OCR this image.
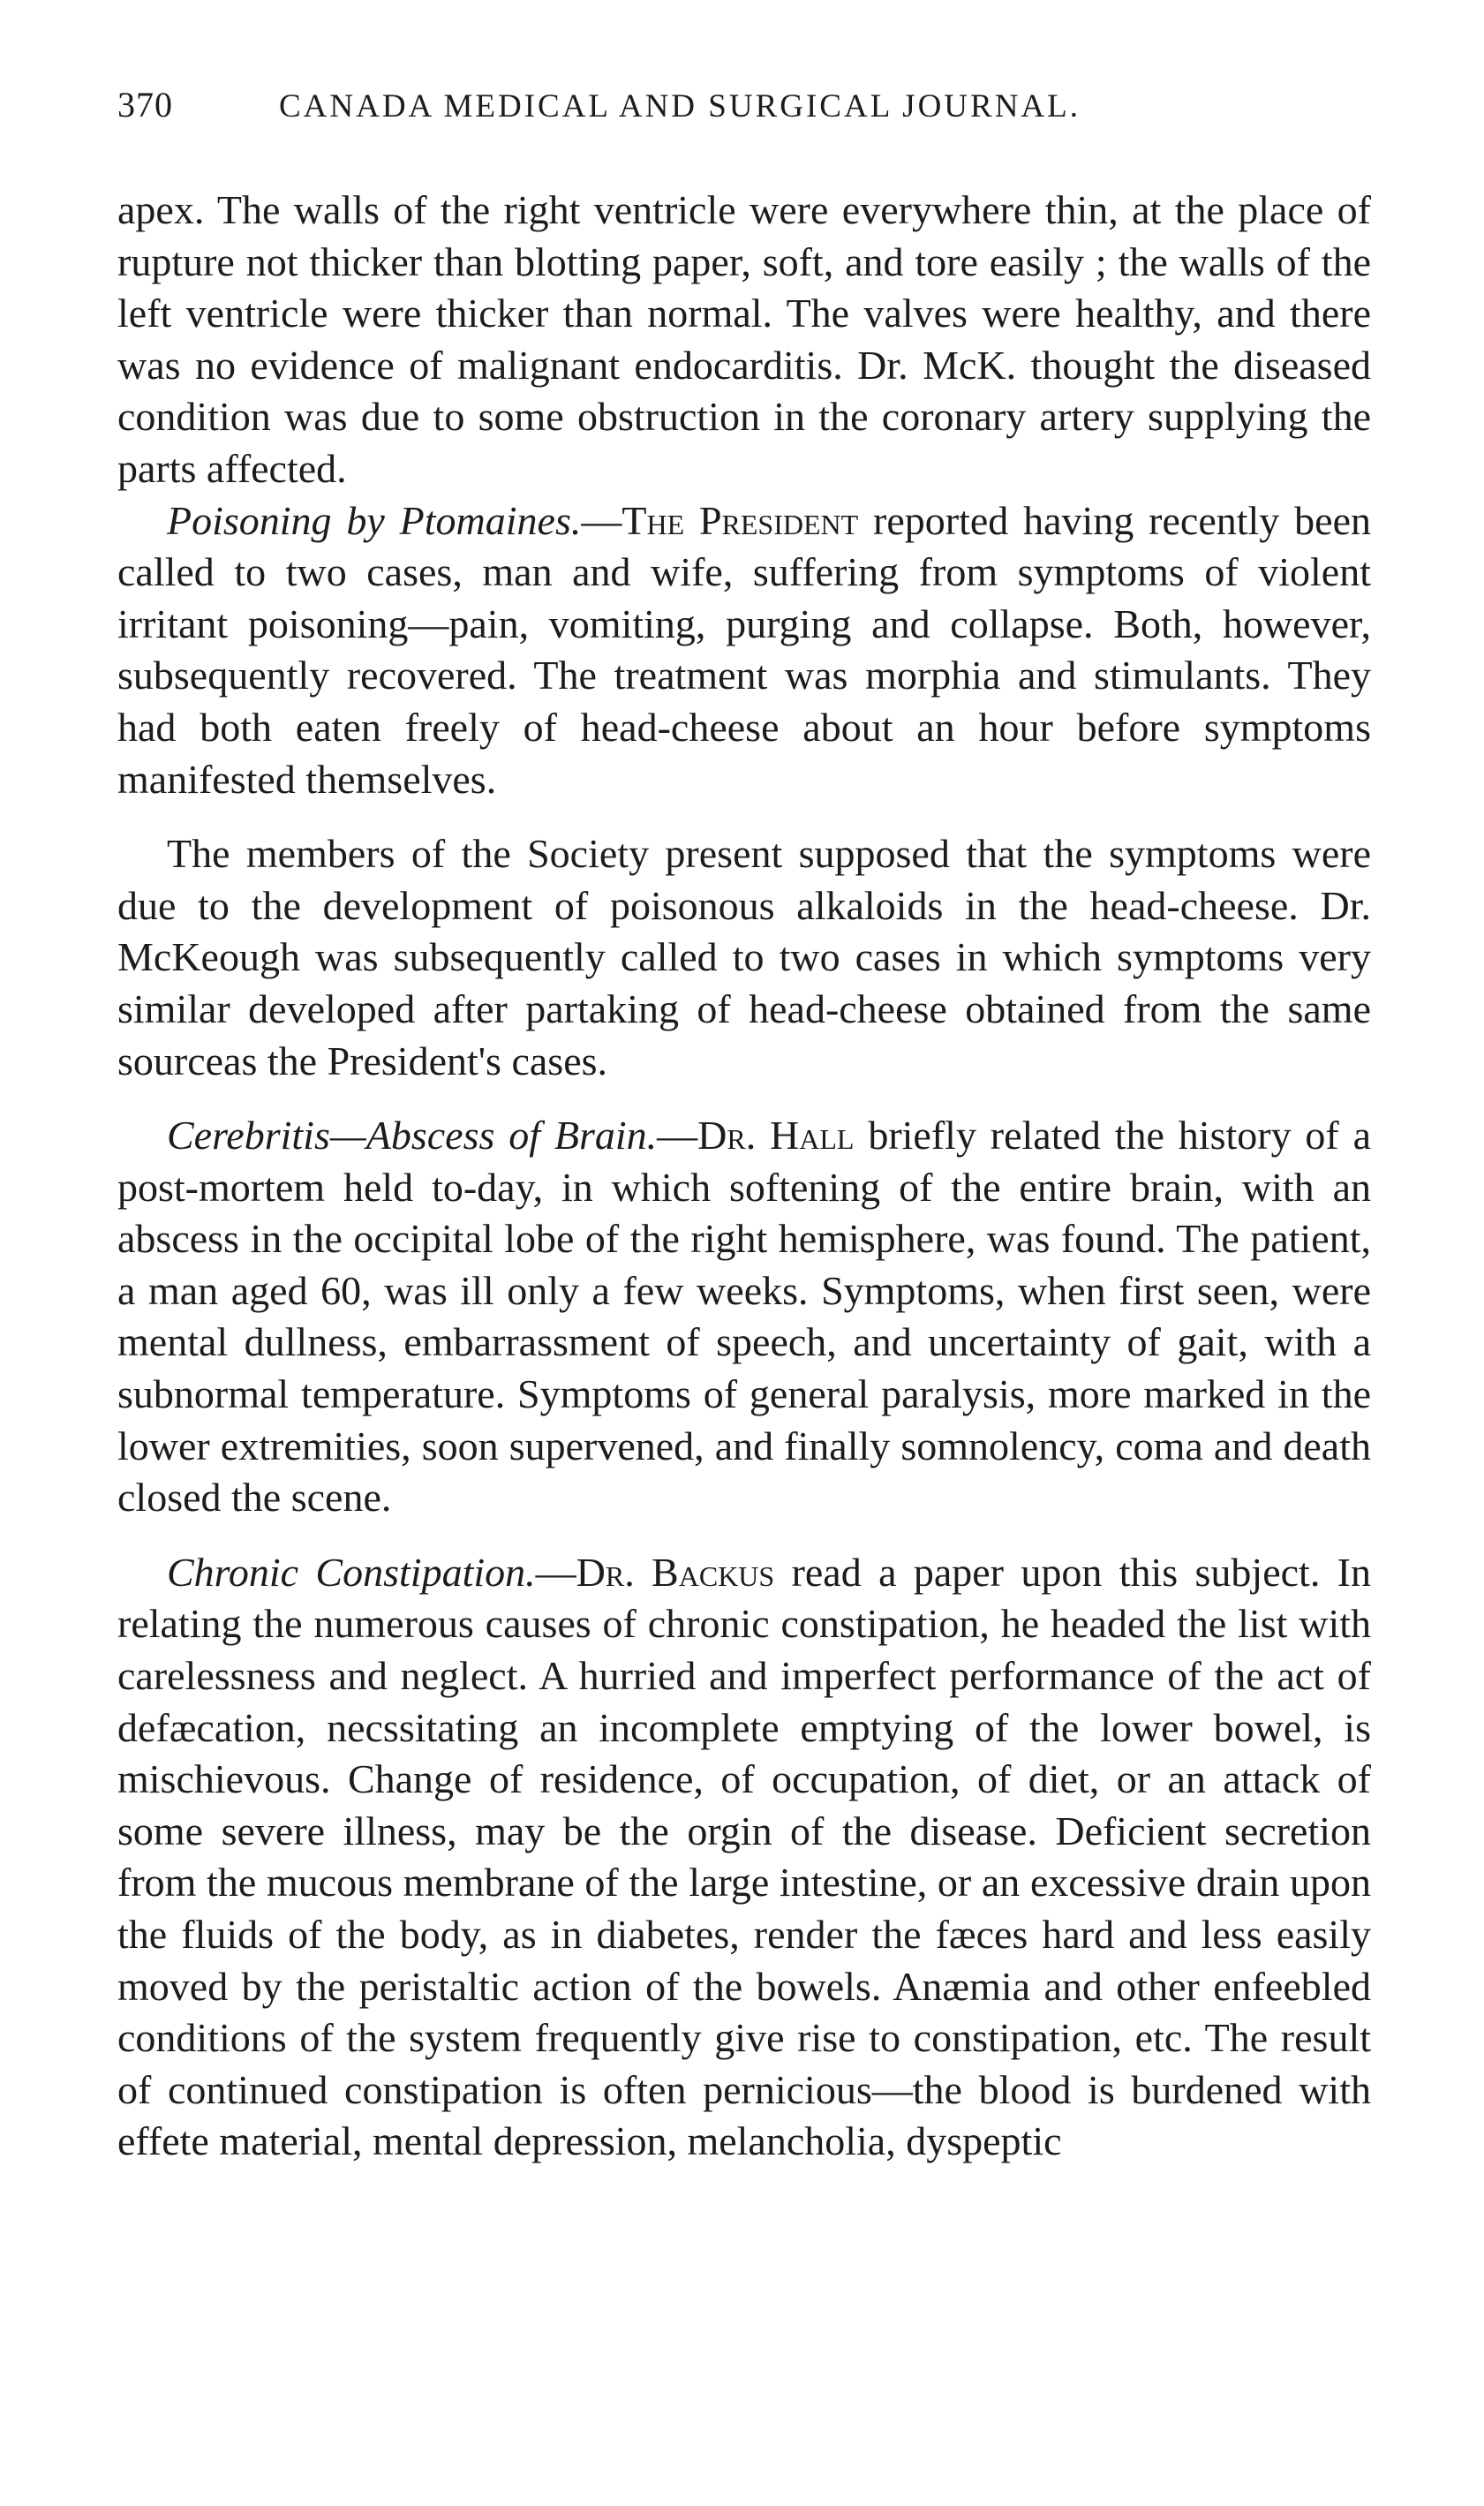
370	CANADA MEDICAL AND SURGICAL JOURNAL.

apex. The walls of the right ventricle were everywhere thin, at the place of rupture not thicker than blotting paper, soft, and tore easily ; the walls of the left ventricle were thicker than normal. The valves were healthy, and there was no evidence of malignant endocarditis. Dr. McK. thought the diseased condition was due to some obstruction in the coronary artery supplying the parts affected.

Poisoning by Ptomaines.—The President reported having recently been called to two cases, man and wife, suffering from symptoms of violent irritant poisoning—pain, vomiting, purging and collapse. Both, however, subsequently recovered. The treatment was morphia and stimulants. They had both eaten freely of head-cheese about an hour before symptoms manifested themselves.

The members of the Society present supposed that the symptoms were due to the development of poisonous alkaloids in the head-cheese. Dr. McKeough was subsequently called to two cases in which symptoms very similar developed after partaking of head-cheese obtained from the same sourceas the President's cases.

Cerebritis—Abscess of Brain.—Dr. Hall briefly related the history of a post-mortem held to-day, in which softening of the entire brain, with an abscess in the occipital lobe of the right hemisphere, was found. The patient, a man aged 60, was ill only a few weeks. Symptoms, when first seen, were mental dullness, embarrassment of speech, and uncertainty of gait, with a subnormal temperature. Symptoms of general paralysis, more marked in the lower extremities, soon supervened, and finally somnolency, coma and death closed the scene.

Chronic Constipation.—Dr. Backus read a paper upon this subject. In relating the numerous causes of chronic constipation, he headed the list with carelessness and neglect. A hurried and imperfect performance of the act of defæcation, necssitating an incomplete emptying of the lower bowel, is mischievous. Change of residence, of occupation, of diet, or an attack of some severe illness, may be the orgin of the disease. Deficient secretion from the mucous membrane of the large intestine, or an excessive drain upon the fluids of the body, as in diabetes, render the fæces hard and less easily moved by the peristaltic action of the bowels. Anæmia and other enfeebled conditions of the system frequently give rise to constipation, etc. The result of continued constipation is often pernicious—the blood is burdened with effete material, mental depression, melancholia, dyspeptic
